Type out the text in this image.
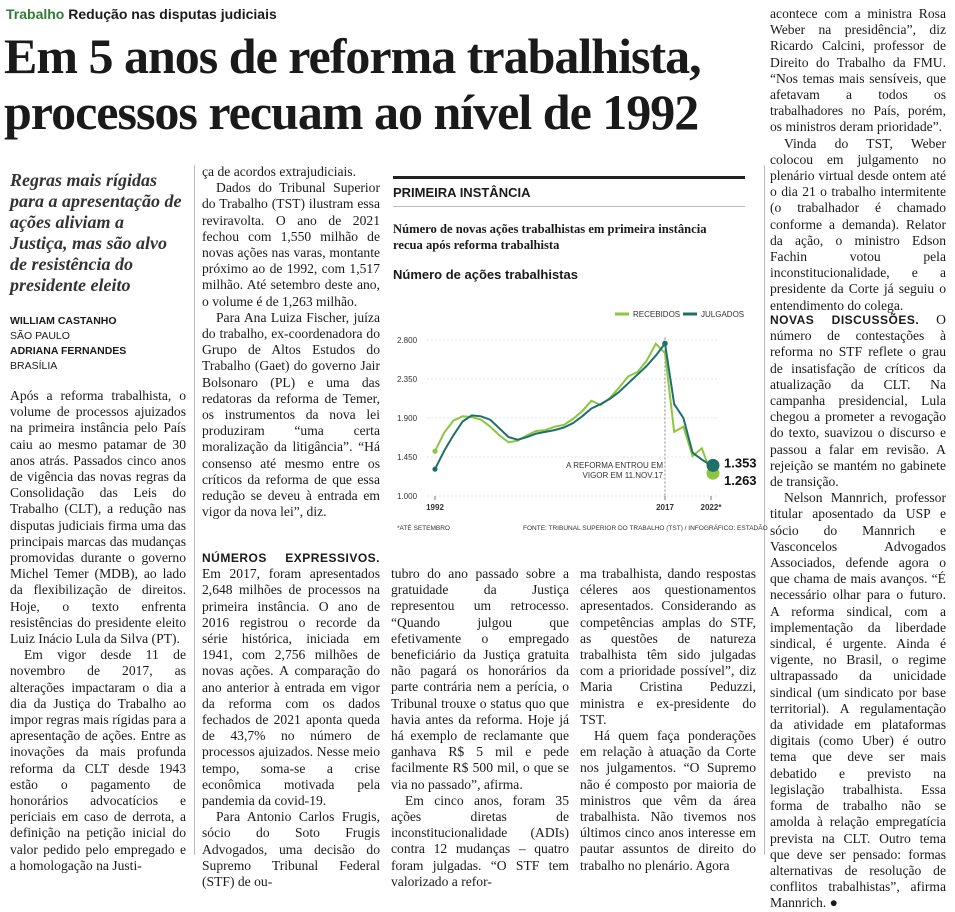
Trabalho Redução nas disputas judiciais
Em 5 anos de reforma trabalhista,
processos recuam ao nível de 1992
Regras mais rígidas para a apresentação de ações aliviam a Justiça, mas são alvo de resistência do presidente eleito
WILLIAM CASTANHO
SÃO PAULO
ADRIANA FERNANDES
BRASÍLIA

Após a reforma trabalhista, o volume de processos ajuizados na primeira instância pelo País caiu ao mesmo patamar de 30 anos atrás. Passados cinco anos de vigência das novas regras da Consolidação das Leis do Trabalho (CLT), a redução nas disputas judiciais firma uma das principais marcas das mudanças promovidas durante o governo Michel Temer (MDB), ao lado da flexibilização de direitos. Hoje, o texto enfrenta resistências do presidente eleito Luiz Inácio Lula da Silva (PT).

Em vigor desde 11 de novembro de 2017, as alterações impactaram o dia a dia da Justiça do Trabalho ao impor regras mais rígidas para a apresentação de ações. Entre as inovações da mais profunda reforma da CLT desde 1943 estão o pagamento de honorários advocatícios e periciais em caso de derrota, a definição na petição inicial do valor pedido pelo empregado e a homologação na Justi-

ça de acordos extrajudiciais.

Dados do Tribunal Superior do Trabalho (TST) ilustram essa reviravolta. O ano de 2021 fechou com 1,550 milhão de novas ações nas varas, montante próximo ao de 1992, com 1,517 milhão. Até setembro deste ano, o volume é de 1,263 milhão.

Para Ana Luiza Fischer, juíza do trabalho, ex-coordenadora do Grupo de Altos Estudos do Trabalho (Gaet) do governo Jair Bolsonaro (PL) e uma das redatoras da reforma de Temer, os instrumentos da nova lei produziram “uma certa moralização da litigância”. “Há consenso até mesmo entre os críticos da reforma de que essa redução se deveu à entrada em vigor da nova lei”, diz.

PRIMEIRA INSTÂNCIA
Número de novas ações trabalhistas em primeira instância recua após reforma trabalhista
Número de ações trabalhistas
RECEBIDOS	JULGADOS
2.800
2.350
1.900
1.450
1.000
1992	2017	2022*
A REFORMA ENTROU EM
VIGOR EM 11.NOV.17
1.353
1.263
*ATÉ SETEMBRO	FONTE: TRIBUNAL SUPERIOR DO TRABALHO (TST) / INFOGRÁFICO: ESTADÃO

NÚMEROS EXPRESSIVOS. Em 2017, foram apresentados 2,648 milhões de processos na primeira instância. O ano de 2016 registrou o recorde da série histórica, iniciada em 1941, com 2,756 milhões de novas ações. A comparação do ano anterior à entrada em vigor da reforma com os dados fechados de 2021 aponta queda de 43,7% no número de processos ajuizados. Nesse meio tempo, soma-se a crise econômica motivada pela pandemia da covid-19.

Para Antonio Carlos Frugis, sócio do Soto Frugis Advogados, uma decisão do Supremo Tribunal Federal (STF) de ou-

tubro do ano passado sobre a gratuidade da Justiça representou um retrocesso. “Quando julgou que efetivamente o empregado beneficiário da Justiça gratuita não pagará os honorários da parte contrária nem a perícia, o Tribunal trouxe o status quo que havia antes da reforma. Hoje já há exemplo de reclamante que ganhava R$ 5 mil e pede facilmente R$ 500 mil, o que se via no passado”, afirma.

Em cinco anos, foram 35 ações diretas de inconstitucionalidade (ADIs) contra 12 mudanças – quatro foram julgadas. “O STF tem valorizado a refor-

ma trabalhista, dando respostas céleres aos questionamentos apresentados. Considerando as competências amplas do STF, as questões de natureza trabalhista têm sido julgadas com a prioridade possível”, diz Maria Cristina Peduzzi, ministra e ex-presidente do TST.

Há quem faça ponderações em relação à atuação da Corte nos julgamentos. “O Supremo não é composto por maioria de ministros que vêm da área trabalhista. Não tivemos nos últimos cinco anos interesse em pautar assuntos de direito do trabalho no plenário. Agora

acontece com a ministra Rosa Weber na presidência”, diz Ricardo Calcini, professor de Direito do Trabalho da FMU. “Nos temas mais sensíveis, que afetavam a todos os trabalhadores no País, porém, os ministros deram prioridade”.

Vinda do TST, Weber colocou em julgamento no plenário virtual desde ontem até o dia 21 o trabalho intermitente (o trabalhador é chamado conforme a demanda). Relator da ação, o ministro Edson Fachin votou pela inconstitucionalidade, e a presidente da Corte já seguiu o entendimento do colega.

NOVAS DISCUSSÕES. O número de contestações à reforma no STF reflete o grau de insatisfação de críticos da atualização da CLT. Na campanha presidencial, Lula chegou a prometer a revogação do texto, suavizou o discurso e passou a falar em revisão. A rejeição se mantém no gabinete de transição.

Nelson Mannrich, professor titular aposentado da USP e sócio do Mannrich e Vasconcelos Advogados Associados, defende agora o que chama de mais avanços. “É necessário olhar para o futuro. A reforma sindical, com a implementação da liberdade sindical, é urgente. Ainda é vigente, no Brasil, o regime ultrapassado da unicidade sindical (um sindicato por base territorial). A regulamentação da atividade em plataformas digitais (como Uber) é outro tema que deve ser mais debatido e previsto na legislação trabalhista. Essa forma de trabalho não se amolda à relação empregatícia prevista na CLT. Outro tema que deve ser pensado: formas alternativas de resolução de conflitos trabalhistas”, afirma Mannrich. ●
